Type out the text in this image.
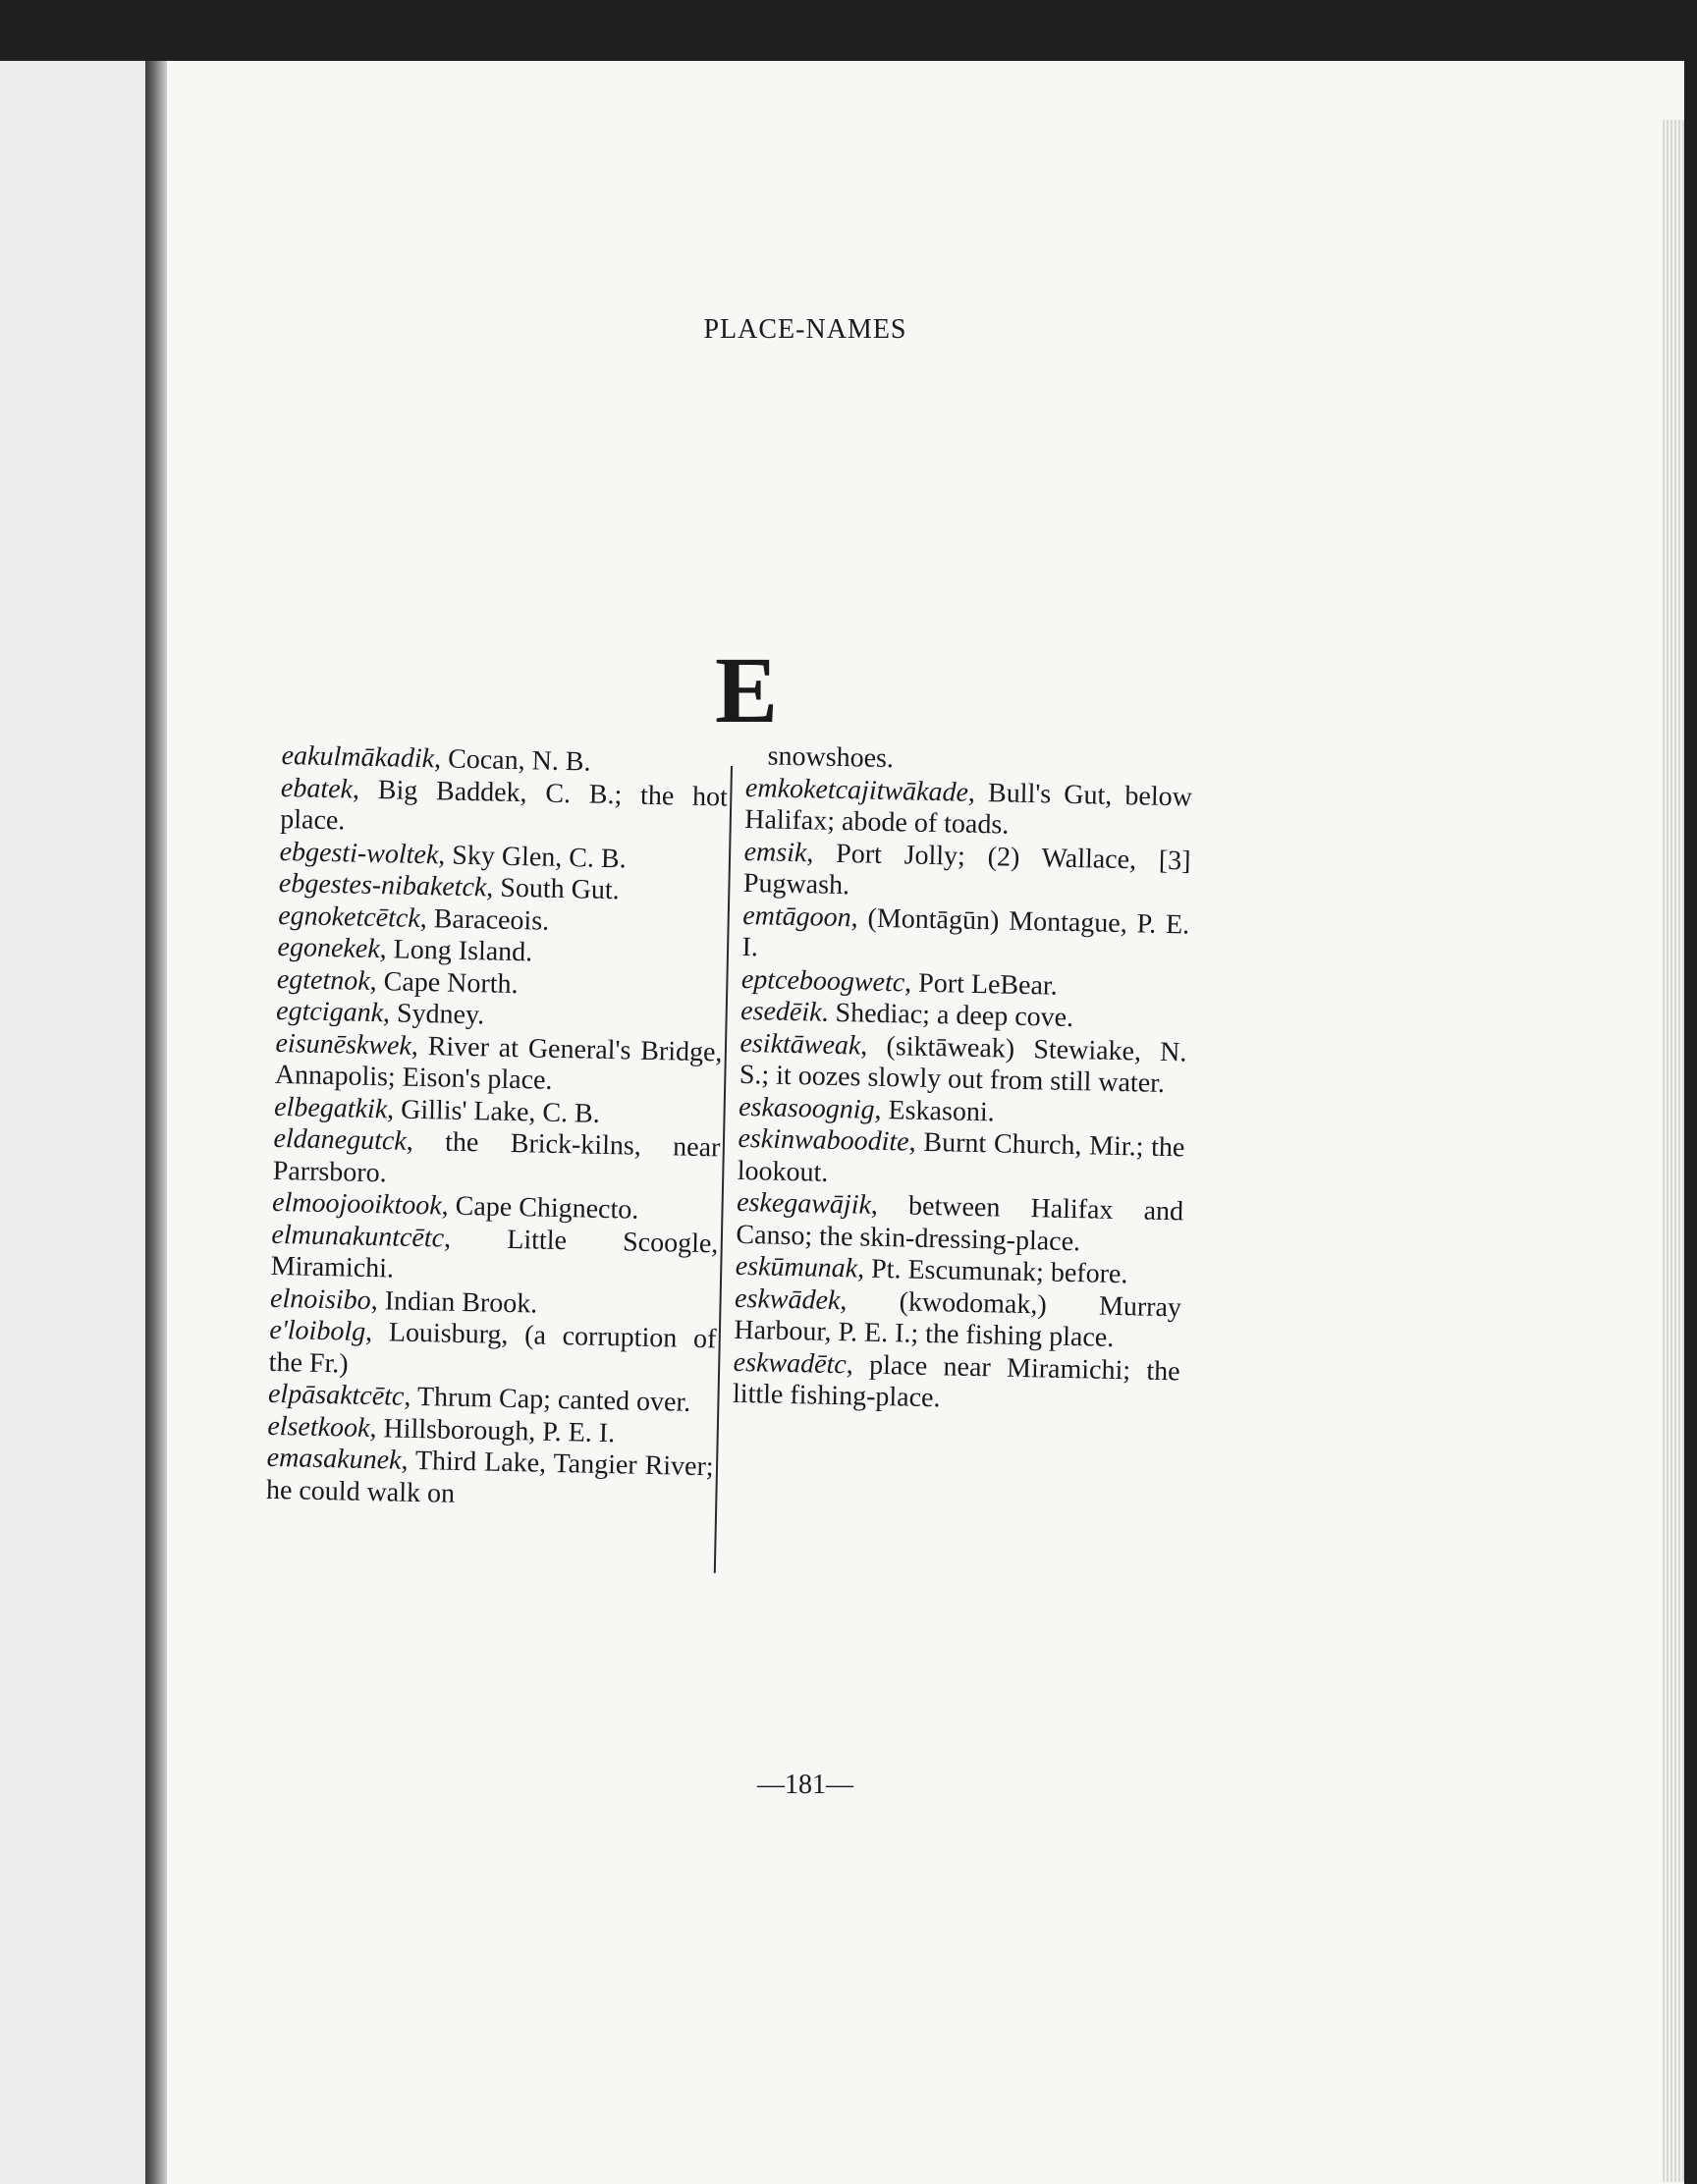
PLACE-NAMES
E
eakulmākadik, Cocan, N. B.
ebatek, Big Baddek, C. B.; the hot place.
ebgesti-woltek, Sky Glen, C. B.
ebgestes-nibaketck, South Gut.
egnoketcētck, Baraceois.
egonekek, Long Island.
egtetnok, Cape North.
egtcigank, Sydney.
eisunēskwek, River at General's Bridge, Annapolis; Eison's place.
elbegatkik, Gillis' Lake, C. B.
eldanegutck, the Brick-kilns, near Parrsboro.
elmoojooiktook, Cape Chignecto.
elmunakuntcētc, Little Scoogle, Miramichi.
elnoisibo, Indian Brook.
e'loibolg, Louisburg, (a corruption of the Fr.)
elpāsaktcētc, Thrum Cap; canted over.
elsetkook, Hillsborough, P. E. I.
emasakunek, Third Lake, Tangier River; he could walk on
snowshoes.
emkoketcajitwākade, Bull's Gut, below Halifax; abode of toads.
emsik, Port Jolly; (2) Wallace, [3] Pugwash.
emtāgoon, (Montāgūn) Montague, P. E. I.
eptceboogwetc, Port LeBear.
esedēik. Shediac; a deep cove.
esiktāweak, (siktāweak) Stewiake, N. S.; it oozes slowly out from still water.
eskasoognig, Eskasoni.
eskinwaboodite, Burnt Church, Mir.; the lookout.
eskegawājik, between Halifax and Canso; the skin-dressing-place.
eskūmunak, Pt. Escumunak; before.
eskwādek, (kwodomak,) Murray Harbour, P. E. I.; the fishing place.
eskwadētc, place near Miramichi; the little fishing-place.
—181—
